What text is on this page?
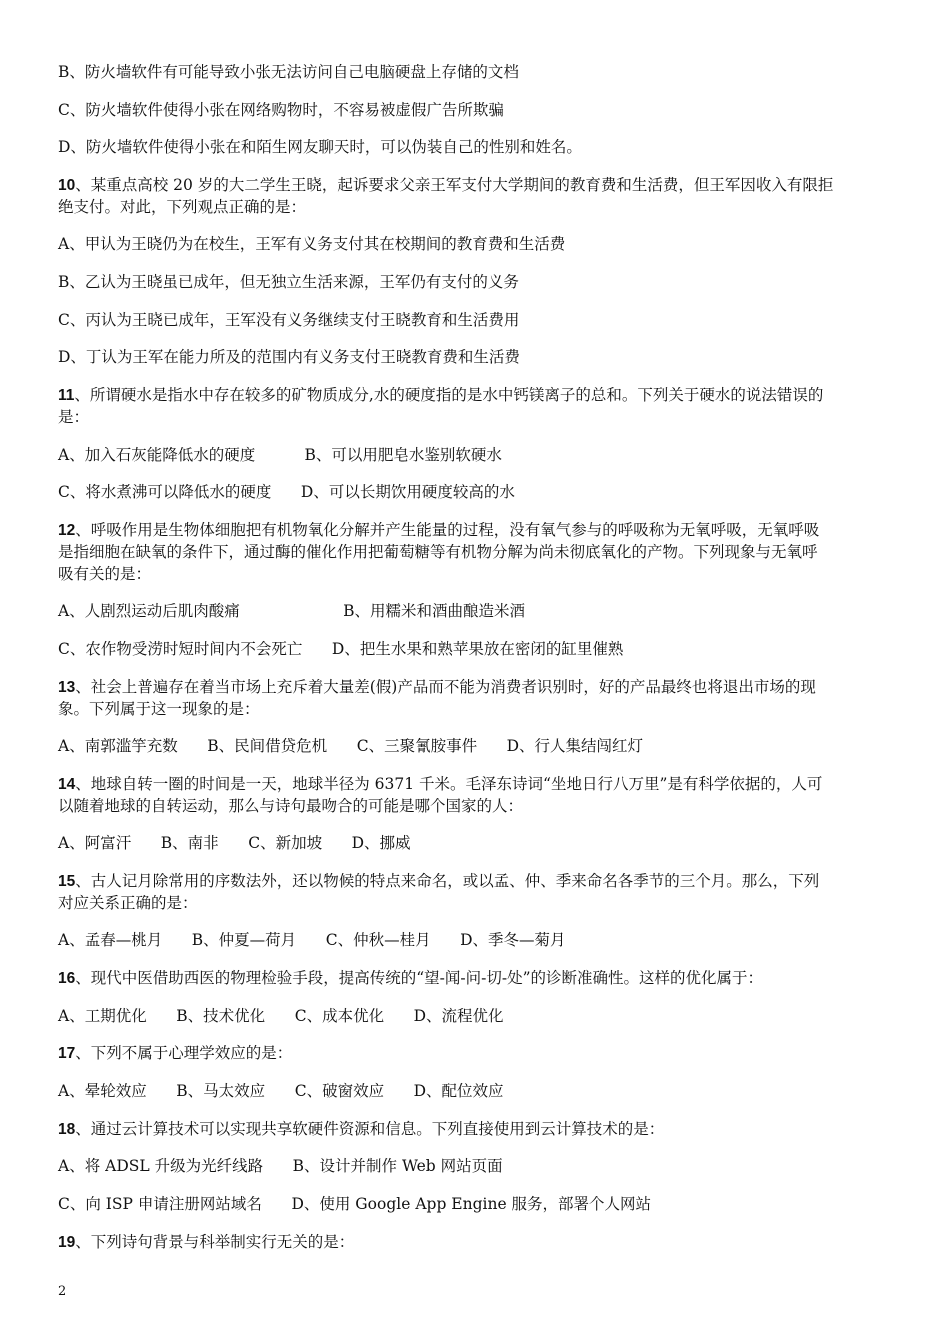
B、防火墙软件有可能导致小张无法访问自己电脑硬盘上存储的文档
C、防火墙软件使得小张在网络购物时，不容易被虚假广告所欺骗
D、防火墙软件使得小张在和陌生网友聊天时，可以伪装自己的性别和姓名。
10、某重点高校 20 岁的大二学生王晓，起诉要求父亲王军支付大学期间的教育费和生活费，但王军因收入有限拒
绝支付。对此，下列观点正确的是：
A、甲认为王晓仍为在校生，王军有义务支付其在校期间的教育费和生活费
B、乙认为王晓虽已成年，但无独立生活来源，王军仍有支付的义务
C、丙认为王晓已成年，王军没有义务继续支付王晓教育和生活费用
D、丁认为王军在能力所及的范围内有义务支付王晓教育费和生活费
11、所谓硬水是指水中存在较多的矿物质成分,水的硬度指的是水中钙镁离子的总和。下列关于硬水的说法错误的
是：
A、加入石灰能降低水的硬度          B、可以用肥皂水鉴别软硬水
C、将水煮沸可以降低水的硬度      D、可以长期饮用硬度较高的水
12、呼吸作用是生物体细胞把有机物氧化分解并产生能量的过程，没有氧气参与的呼吸称为无氧呼吸，无氧呼吸
是指细胞在缺氧的条件下，通过酶的催化作用把葡萄糖等有机物分解为尚未彻底氧化的产物。下列现象与无氧呼
吸有关的是：
A、人剧烈运动后肌肉酸痛                     B、用糯米和酒曲酿造米酒
C、农作物受涝时短时间内不会死亡      D、把生水果和熟苹果放在密闭的缸里催熟
13、社会上普遍存在着当市场上充斥着大量差(假)产品而不能为消费者识别时，好的产品最终也将退出市场的现
象。下列属于这一现象的是：
A、南郭滥竽充数      B、民间借贷危机      C、三聚氰胺事件      D、行人集结闯红灯
14、地球自转一圈的时间是一天，地球半径为 6371 千米。毛泽东诗词“坐地日行八万里”是有科学依据的，人可
以随着地球的自转运动，那么与诗句最吻合的可能是哪个国家的人：
A、阿富汗      B、南非      C、新加坡      D、挪威
15、古人记月除常用的序数法外，还以物候的特点来命名，或以孟、仲、季来命名各季节的三个月。那么，下列
对应关系正确的是：
A、孟春—桃月      B、仲夏—荷月      C、仲秋—桂月      D、季冬—菊月
16、现代中医借助西医的物理检验手段，提高传统的“望-闻-问-切-处”的诊断准确性。这样的优化属于：
A、工期优化      B、技术优化      C、成本优化      D、流程优化
17、下列不属于心理学效应的是：
A、晕轮效应      B、马太效应      C、破窗效应      D、配位效应
18、通过云计算技术可以实现共享软硬件资源和信息。下列直接使用到云计算技术的是：
A、将 ADSL 升级为光纤线路      B、设计并制作 Web 网站页面
C、向 ISP 申请注册网站域名      D、使用 Google App Engine 服务，部署个人网站
19、下列诗句背景与科举制实行无关的是：
2
